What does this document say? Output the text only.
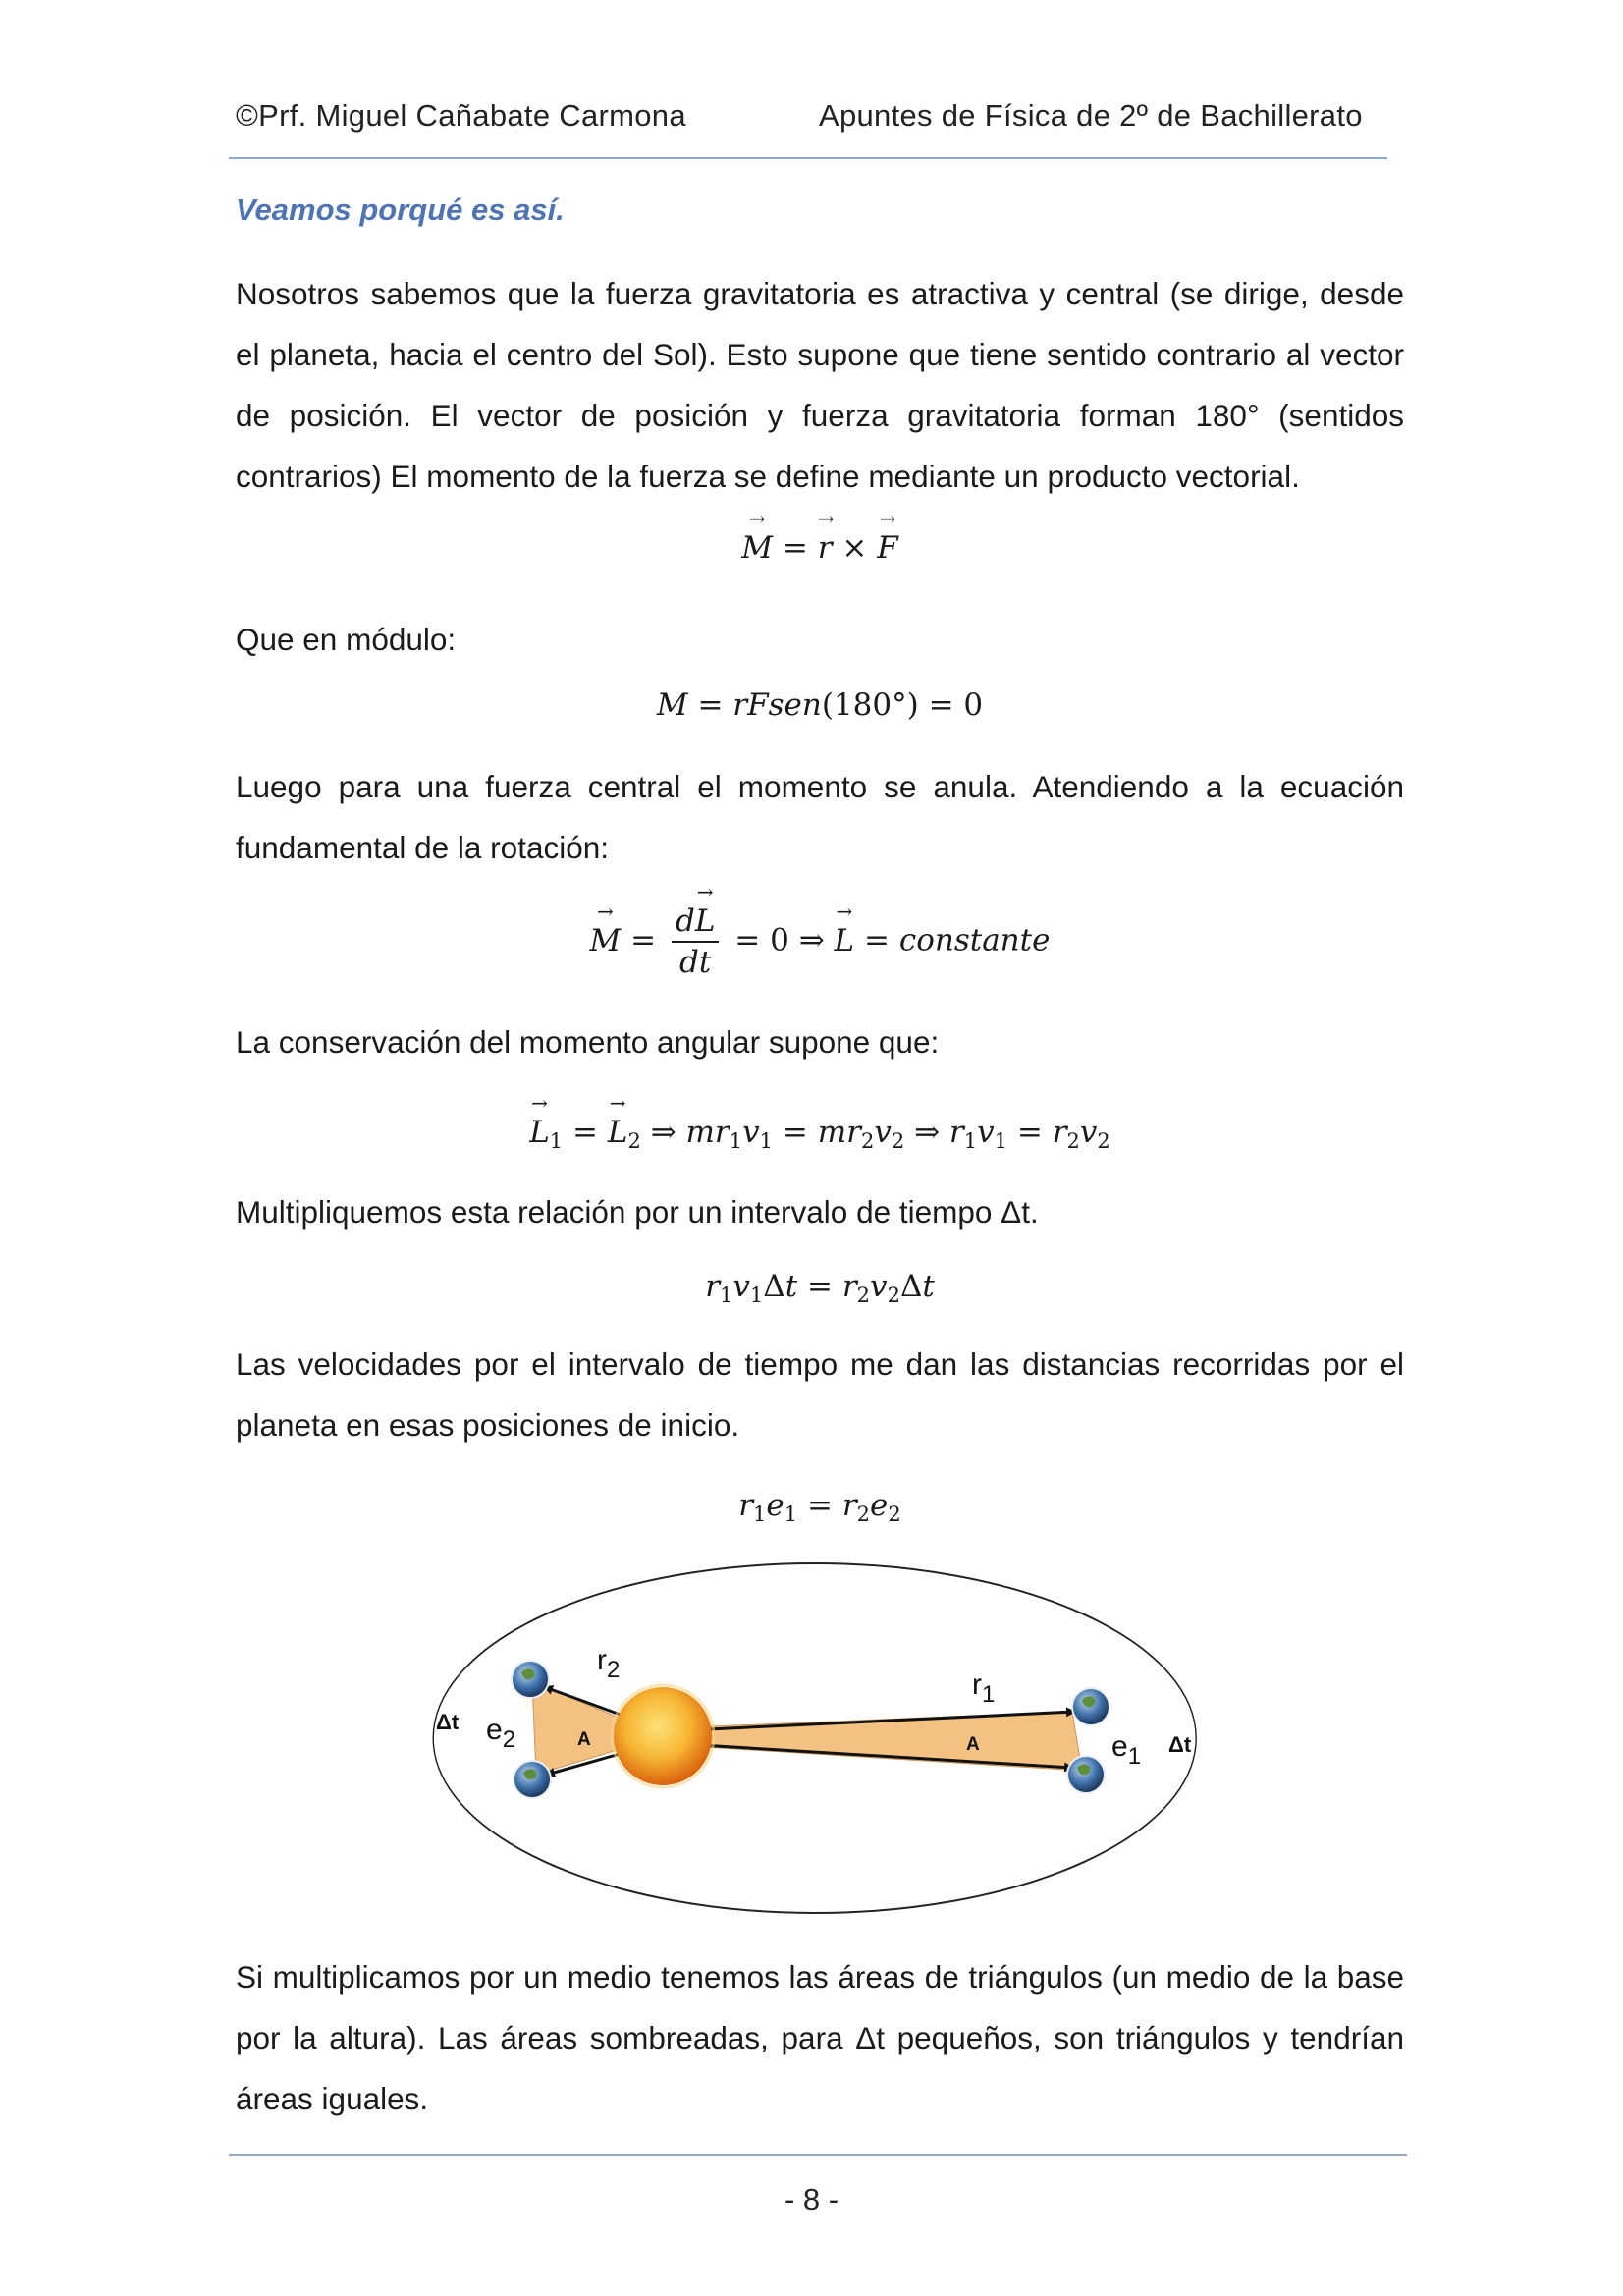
©Prf. Miguel Cañabate Carmona	Apuntes de Física de 2º de Bachillerato
Veamos porqué es así.

Nosotros sabemos que la fuerza gravitatoria es atractiva y central (se dirige, desde el planeta, hacia el centro del Sol). Esto supone que tiene sentido contrario al vector de posición. El vector de posición y fuerza gravitatoria forman 180° (sentidos contrarios) El momento de la fuerza se define mediante un producto vectorial.

→ M = → r × → F

Que en módulo:

M = rFsen(180°) = 0

Luego para una fuerza central el momento se anula. Atendiendo a la ecuación fundamental de la rotación:

→ $M = \frac{d\to L}{dt} = 0$ ⇒ → L = constante

La conservación del momento angular supone que:

→ $L_1$ = → $L_2$ ⇒ $mr_1v_1 = mr_2v_2$ ⇒ $r_1v_1 = r_2v_2$

Multipliquemos esta relación por un intervalo de tiempo Δt.

$r_1v_1\Delta t = r_2v_2\Delta t$

Las velocidades por el intervalo de tiempo me dan las distancias recorridas por el planeta en esas posiciones de inicio.

$r_1e_1 = r_2e_2$
$r_2$	$r_1$
$e_2$	$e_1$
A	A
Δt
Δt

Si multiplicamos por un medio tenemos las áreas de triángulos (un medio de la base por la altura). Las áreas sombreadas, para Δt pequeños, son triángulos y tendrían áreas iguales.

- 8 -
